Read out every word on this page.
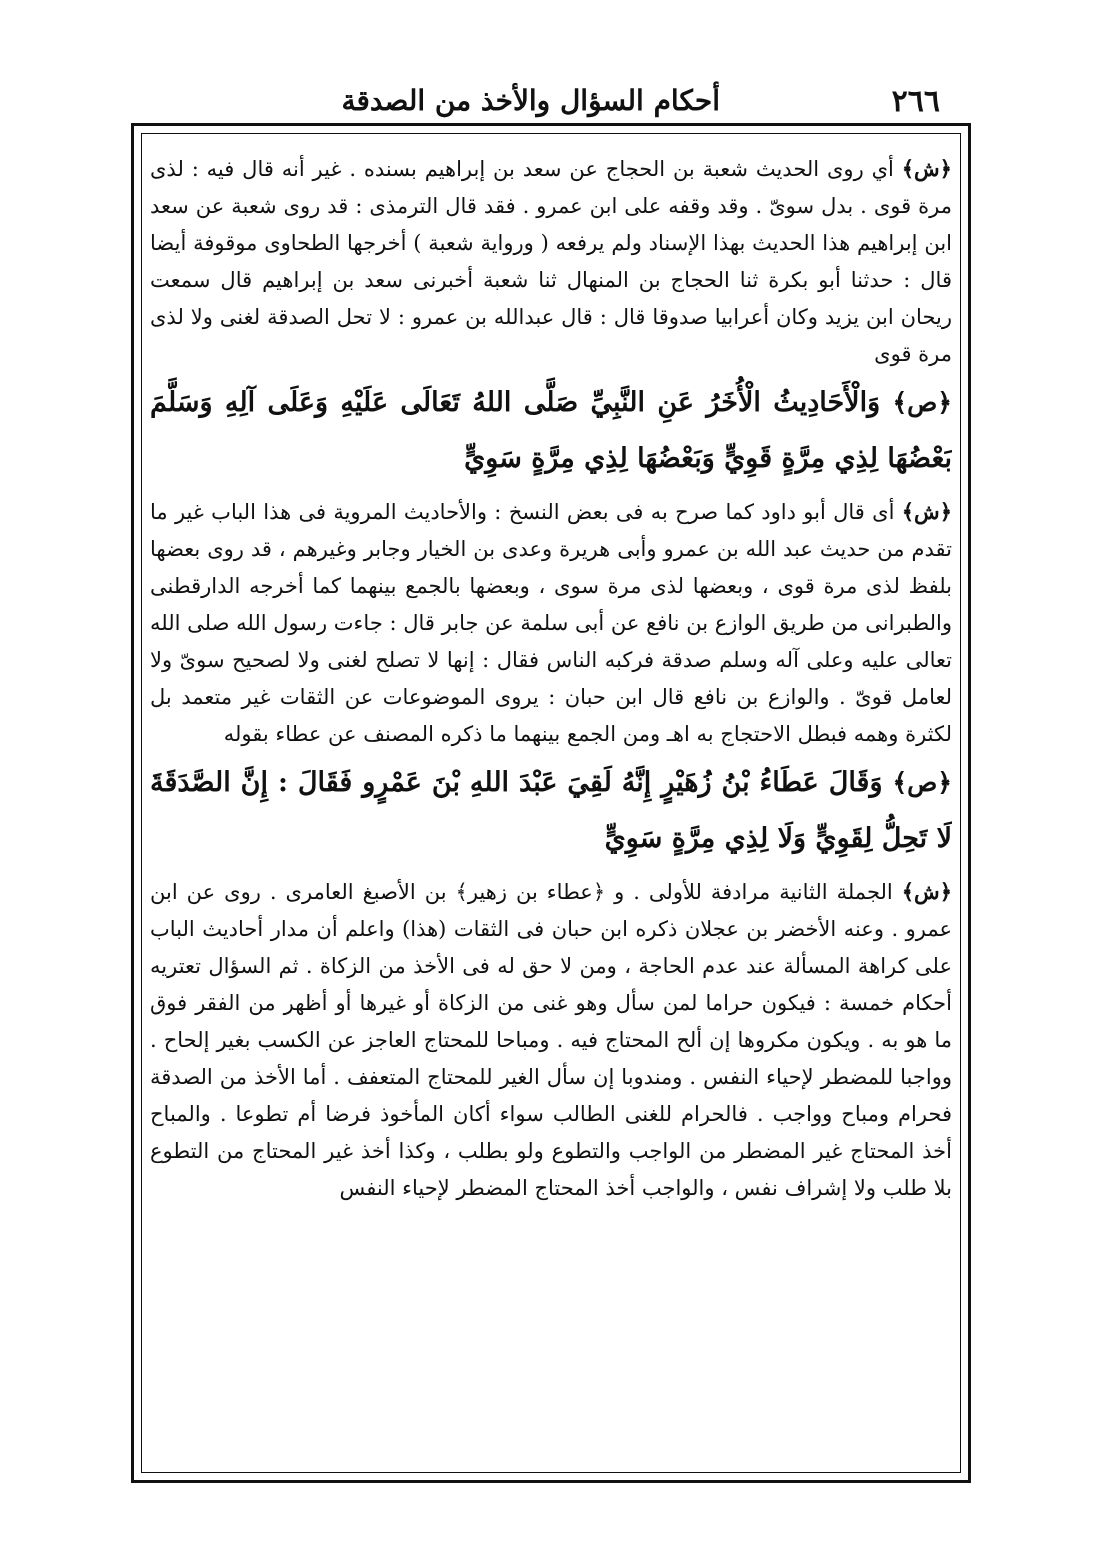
٢٦٦
أحكام السؤال والأخذ من الصدقة

﴿ش﴾ أي روى الحديث شعبة بن الحجاج عن سعد بن إبراهيم بسنده . غير أنه قال فيه : لذى مرة قوى . بدل سوىّ . وقد وقفه على ابن عمرو . فقد قال الترمذى : قد روى شعبة عن سعد ابن إبراهيم هذا الحديث بهذا الإسناد ولم يرفعه ( ورواية شعبة ) أخرجها الطحاوى موقوفة أيضا قال : حدثنا أبو بكرة ثنا الحجاج بن المنهال ثنا شعبة أخبرنى سعد بن إبراهيم قال سمعت ريحان ابن يزيد وكان أعرابيا صدوقا قال : قال عبدالله بن عمرو : لا تحل الصدقة لغنى ولا لذى مرة قوى

﴿ص﴾ وَالْأَحَادِيثُ الْأُخَرُ عَنِ النَّبِيِّ صَلَّى اللهُ تَعَالَى عَلَيْهِ وَعَلَى آلِهِ وَسَلَّمَ بَعْضُهَا لِذِي مِرَّةٍ قَوِيٍّ وَبَعْضُهَا لِذِي مِرَّةٍ سَوِيٍّ

﴿ش﴾ أى قال أبو داود كما صرح به فى بعض النسخ : والأحاديث المروية فى هذا الباب غير ما تقدم من حديث عبد الله بن عمرو وأبى هريرة وعدى بن الخيار وجابر وغيرهم ، قد روى بعضها بلفظ لذى مرة قوى ، وبعضها لذى مرة سوى ، وبعضها بالجمع بينهما كما أخرجه الدارقطنى والطبرانى من طريق الوازع بن نافع عن أبى سلمة عن جابر قال : جاءت رسول الله صلى الله تعالى عليه وعلى آله وسلم صدقة فركبه الناس فقال : إنها لا تصلح لغنى ولا لصحيح سوىّ ولا لعامل قوىّ . والوازع بن نافع قال ابن حبان : يروى الموضوعات عن الثقات غير متعمد بل لكثرة وهمه فبطل الاحتجاج به اهـ ومن الجمع بينهما ما ذكره المصنف عن عطاء بقوله

﴿ص﴾ وَقَالَ عَطَاءُ بْنُ زُهَيْرٍ إِنَّهُ لَقِيَ عَبْدَ اللهِ بْنَ عَمْرٍو فَقَالَ : إِنَّ الصَّدَقَةَ لَا تَحِلُّ لِقَوِيٍّ وَلَا لِذِي مِرَّةٍ سَوِيٍّ

﴿ش﴾ الجملة الثانية مرادفة للأولى . و ﴿عطاء بن زهير﴾ بن الأصبغ العامرى . روى عن ابن عمرو . وعنه الأخضر بن عجلان ذكره ابن حبان فى الثقات (هذا) واعلم أن مدار أحاديث الباب على كراهة المسألة عند عدم الحاجة ، ومن لا حق له فى الأخذ من الزكاة . ثم السؤال تعتريه أحكام خمسة : فيكون حراما لمن سأل وهو غنى من الزكاة أو غيرها أو أظهر من الفقر فوق ما هو به . ويكون مكروها إن ألح المحتاج فيه . ومباحا للمحتاج العاجز عن الكسب بغير إلحاح . وواجبا للمضطر لإحياء النفس . ومندوبا إن سأل الغير للمحتاج المتعفف . أما الأخذ من الصدقة فحرام ومباح وواجب . فالحرام للغنى الطالب سواء أكان المأخوذ فرضا أم تطوعا . والمباح أخذ المحتاج غير المضطر من الواجب والتطوع ولو بطلب ، وكذا أخذ غير المحتاج من التطوع بلا طلب ولا إشراف نفس ، والواجب أخذ المحتاج المضطر لإحياء النفس
